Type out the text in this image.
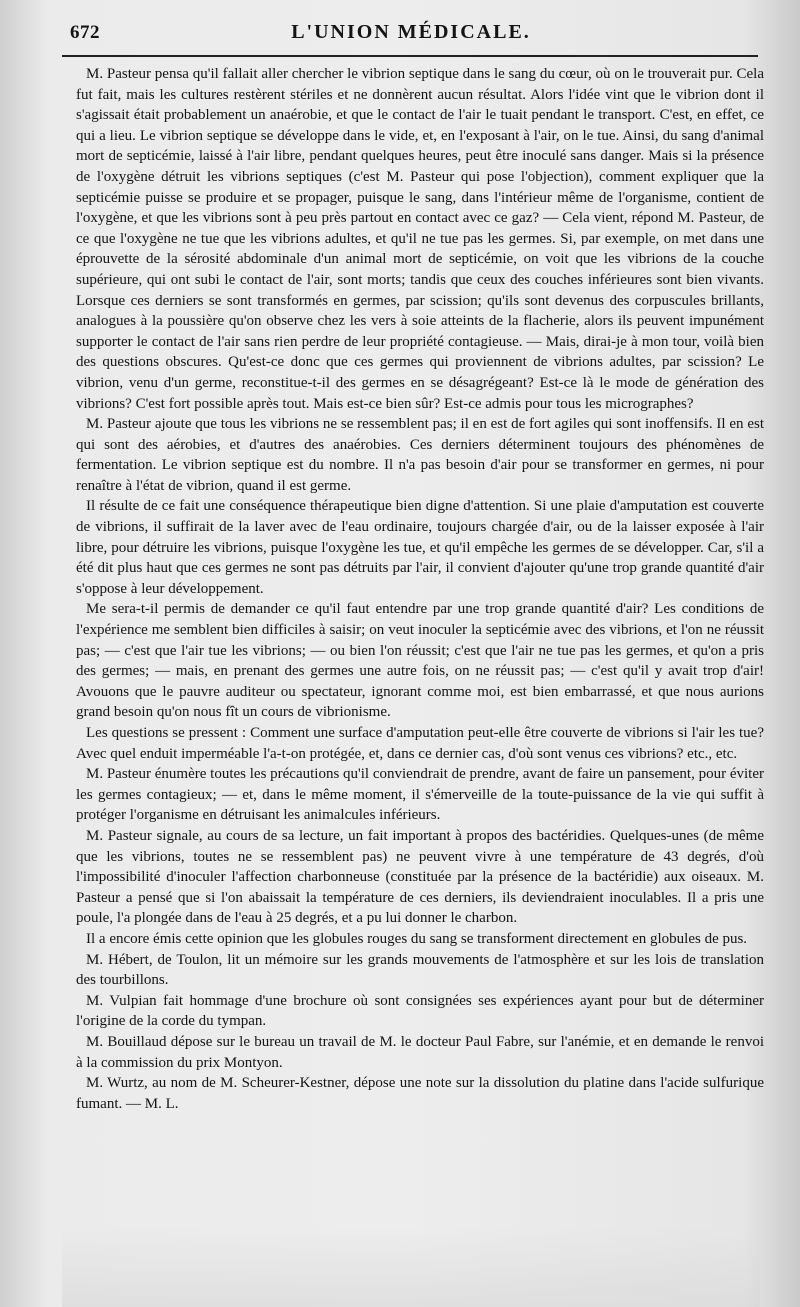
672	L'UNION MÉDICALE.

M. Pasteur pensa qu'il fallait aller chercher le vibrion septique dans le sang du cœur, où on le trouverait pur. Cela fut fait, mais les cultures restèrent stériles et ne donnèrent aucun résultat. Alors l'idée vint que le vibrion dont il s'agissait était probablement un anaérobie, et que le contact de l'air le tuait pendant le transport. C'est, en effet, ce qui a lieu. Le vibrion septique se développe dans le vide, et, en l'exposant à l'air, on le tue. Ainsi, du sang d'animal mort de septicémie, laissé à l'air libre, pendant quelques heures, peut être inoculé sans danger. Mais si la présence de l'oxygène détruit les vibrions septiques (c'est M. Pasteur qui pose l'objection), comment expliquer que la septicémie puisse se produire et se propager, puisque le sang, dans l'intérieur même de l'organisme, contient de l'oxygène, et que les vibrions sont à peu près partout en contact avec ce gaz? — Cela vient, répond M. Pasteur, de ce que l'oxygène ne tue que les vibrions adultes, et qu'il ne tue pas les germes. Si, par exemple, on met dans une éprouvette de la sérosité abdominale d'un animal mort de septicémie, on voit que les vibrions de la couche supérieure, qui ont subi le contact de l'air, sont morts; tandis que ceux des couches inférieures sont bien vivants. Lorsque ces derniers se sont transformés en germes, par scission; qu'ils sont devenus des corpuscules brillants, analogues à la poussière qu'on observe chez les vers à soie atteints de la flacherie, alors ils peuvent impunément supporter le contact de l'air sans rien perdre de leur propriété contagieuse. — Mais, dirai-je à mon tour, voilà bien des questions obscures. Qu'est-ce donc que ces germes qui proviennent de vibrions adultes, par scission? Le vibrion, venu d'un germe, reconstitue-t-il des germes en se désagrégeant? Est-ce là le mode de génération des vibrions? C'est fort possible après tout. Mais est-ce bien sûr? Est-ce admis pour tous les micrographes?

M. Pasteur ajoute que tous les vibrions ne se ressemblent pas; il en est de fort agiles qui sont inoffensifs. Il en est qui sont des aérobies, et d'autres des anaérobies. Ces derniers déterminent toujours des phénomènes de fermentation. Le vibrion septique est du nombre. Il n'a pas besoin d'air pour se transformer en germes, ni pour renaître à l'état de vibrion, quand il est germe.

Il résulte de ce fait une conséquence thérapeutique bien digne d'attention. Si une plaie d'amputation est couverte de vibrions, il suffirait de la laver avec de l'eau ordinaire, toujours chargée d'air, ou de la laisser exposée à l'air libre, pour détruire les vibrions, puisque l'oxygène les tue, et qu'il empêche les germes de se développer. Car, s'il a été dit plus haut que ces germes ne sont pas détruits par l'air, il convient d'ajouter qu'une trop grande quantité d'air s'oppose à leur développement.

Me sera-t-il permis de demander ce qu'il faut entendre par une trop grande quantité d'air? Les conditions de l'expérience me semblent bien difficiles à saisir; on veut inoculer la septicémie avec des vibrions, et l'on ne réussit pas; — c'est que l'air tue les vibrions; — ou bien l'on réussit; c'est que l'air ne tue pas les germes, et qu'on a pris des germes; — mais, en prenant des germes une autre fois, on ne réussit pas; — c'est qu'il y avait trop d'air! Avouons que le pauvre auditeur ou spectateur, ignorant comme moi, est bien embarrassé, et que nous aurions grand besoin qu'on nous fît un cours de vibrionisme.

Les questions se pressent : Comment une surface d'amputation peut-elle être couverte de vibrions si l'air les tue? Avec quel enduit imperméable l'a-t-on protégée, et, dans ce dernier cas, d'où sont venus ces vibrions? etc., etc.

M. Pasteur énumère toutes les précautions qu'il conviendrait de prendre, avant de faire un pansement, pour éviter les germes contagieux; — et, dans le même moment, il s'émerveille de la toute-puissance de la vie qui suffit à protéger l'organisme en détruisant les animalcules inférieurs.

M. Pasteur signale, au cours de sa lecture, un fait important à propos des bactéridies. Quelques-unes (de même que les vibrions, toutes ne se ressemblent pas) ne peuvent vivre à une température de 43 degrés, d'où l'impossibilité d'inoculer l'affection charbonneuse (constituée par la présence de la bactéridie) aux oiseaux. M. Pasteur a pensé que si l'on abaissait la température de ces derniers, ils deviendraient inoculables. Il a pris une poule, l'a plongée dans de l'eau à 25 degrés, et a pu lui donner le charbon.

Il a encore émis cette opinion que les globules rouges du sang se transforment directement en globules de pus.

M. Hébert, de Toulon, lit un mémoire sur les grands mouvements de l'atmosphère et sur les lois de translation des tourbillons.

M. Vulpian fait hommage d'une brochure où sont consignées ses expériences ayant pour but de déterminer l'origine de la corde du tympan.

M. Bouillaud dépose sur le bureau un travail de M. le docteur Paul Fabre, sur l'anémie, et en demande le renvoi à la commission du prix Montyon.

M. Wurtz, au nom de M. Scheurer-Kestner, dépose une note sur la dissolution du platine dans l'acide sulfurique fumant. — M. L.
